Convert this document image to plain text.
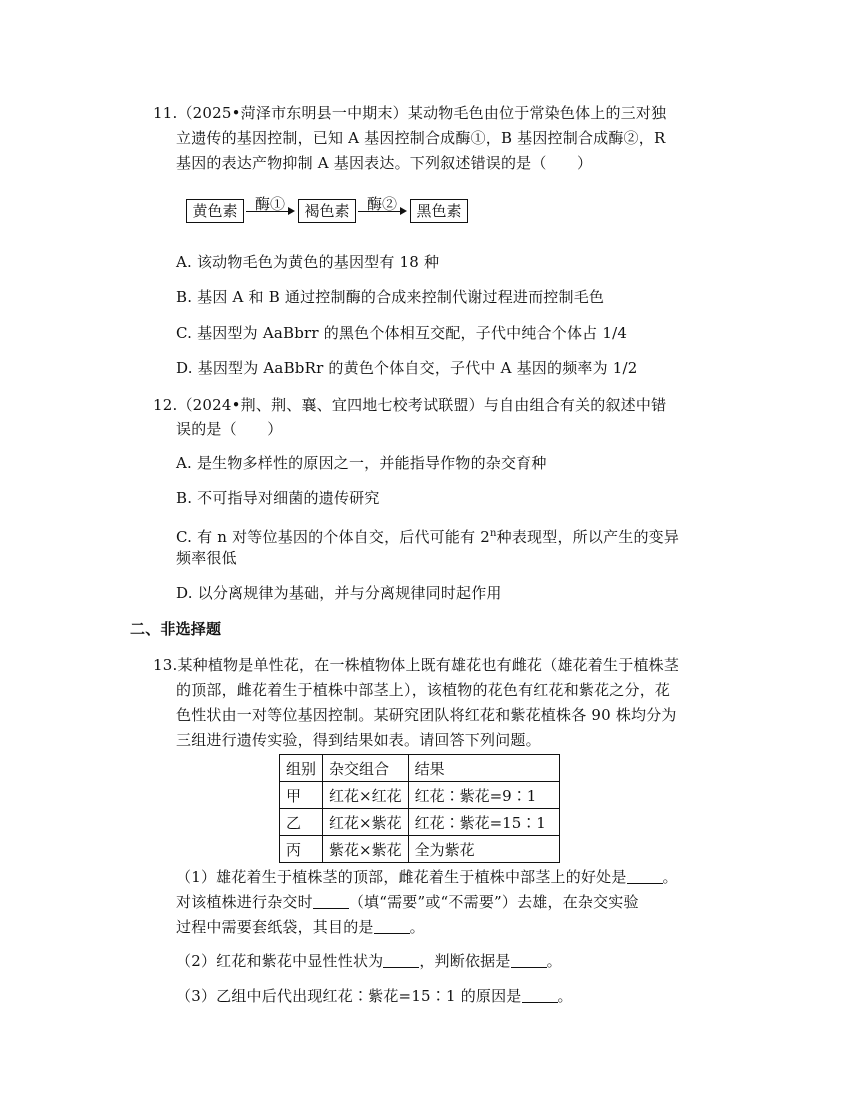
11.（2025•菏泽市东明县一中期末）某动物毛色由位于常染色体上的三对独
立遗传的基因控制，已知 A 基因控制合成酶①，B 基因控制合成酶②，R
基因的表达产物抑制 A 基因表达。下列叙述错误的是（　　）
黄色素	酶①	褐色素	酶②	黑色素
A. 该动物毛色为黄色的基因型有 18 种
B. 基因 A 和 B 通过控制酶的合成来控制代谢过程进而控制毛色
C. 基因型为 AaBbrr 的黑色个体相互交配，子代中纯合个体占 1/4
D. 基因型为 AaBbRr 的黄色个体自交，子代中 A 基因的频率为 1/2
12.（2024•荆、荆、襄、宜四地七校考试联盟）与自由组合有关的叙述中错
误的是（　　）
A. 是生物多样性的原因之一，并能指导作物的杂交育种
B. 不可指导对细菌的遗传研究
C. 有 n 对等位基因的个体自交，后代可能有 2$^n$种表现型，所以产生的变异
频率很低
D. 以分离规律为基础，并与分离规律同时起作用
二、非选择题
13.某种植物是单性花，在一株植物体上既有雄花也有雌花（雄花着生于植株茎
的顶部，雌花着生于植株中部茎上），该植物的花色有红花和紫花之分，花
色性状由一对等位基因控制。某研究团队将红花和紫花植株各 90 株均分为
三组进行遗传实验，得到结果如表。请回答下列问题。
组别	杂交组合	结果
甲	红花×红花	红花∶紫花=9∶1
乙	红花×紫花	红花∶紫花=15∶1
丙	紫花×紫花	全为紫花
（1）雄花着生于植株茎的顶部，雌花着生于植株中部茎上的好处是 。
对该植株进行杂交时 （填“需要”或“不需要”）去雄，在杂交实验
过程中需要套纸袋，其目的是 。
（2）红花和紫花中显性性状为 ，判断依据是 。
（3）乙组中后代出现红花∶紫花=15∶1 的原因是 。
